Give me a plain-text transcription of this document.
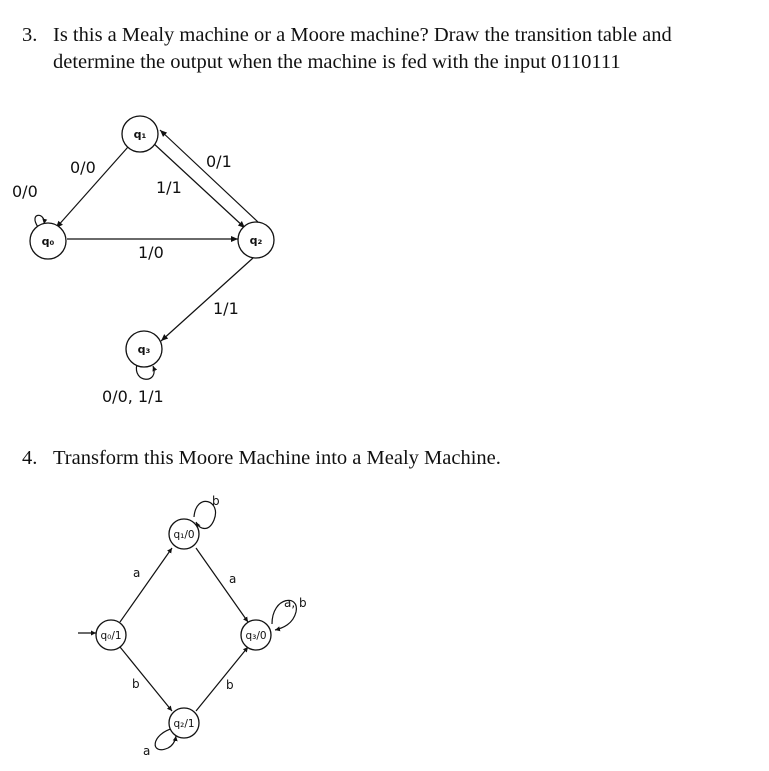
3. Is this a Mealy machine or a Moore machine? Draw the transition table and
determine the output when the machine is fed with the input 0110111
q₀
q₁
q₂
q₃
0/0
0/0
1/1
0/1
1/0
1/1
0/0, 1/1
4. Transform this Moore Machine into a Mealy Machine.
q₀/1
q₁/0
q₂/1
q₃/0
b
a	a
a, b
b	b
a
